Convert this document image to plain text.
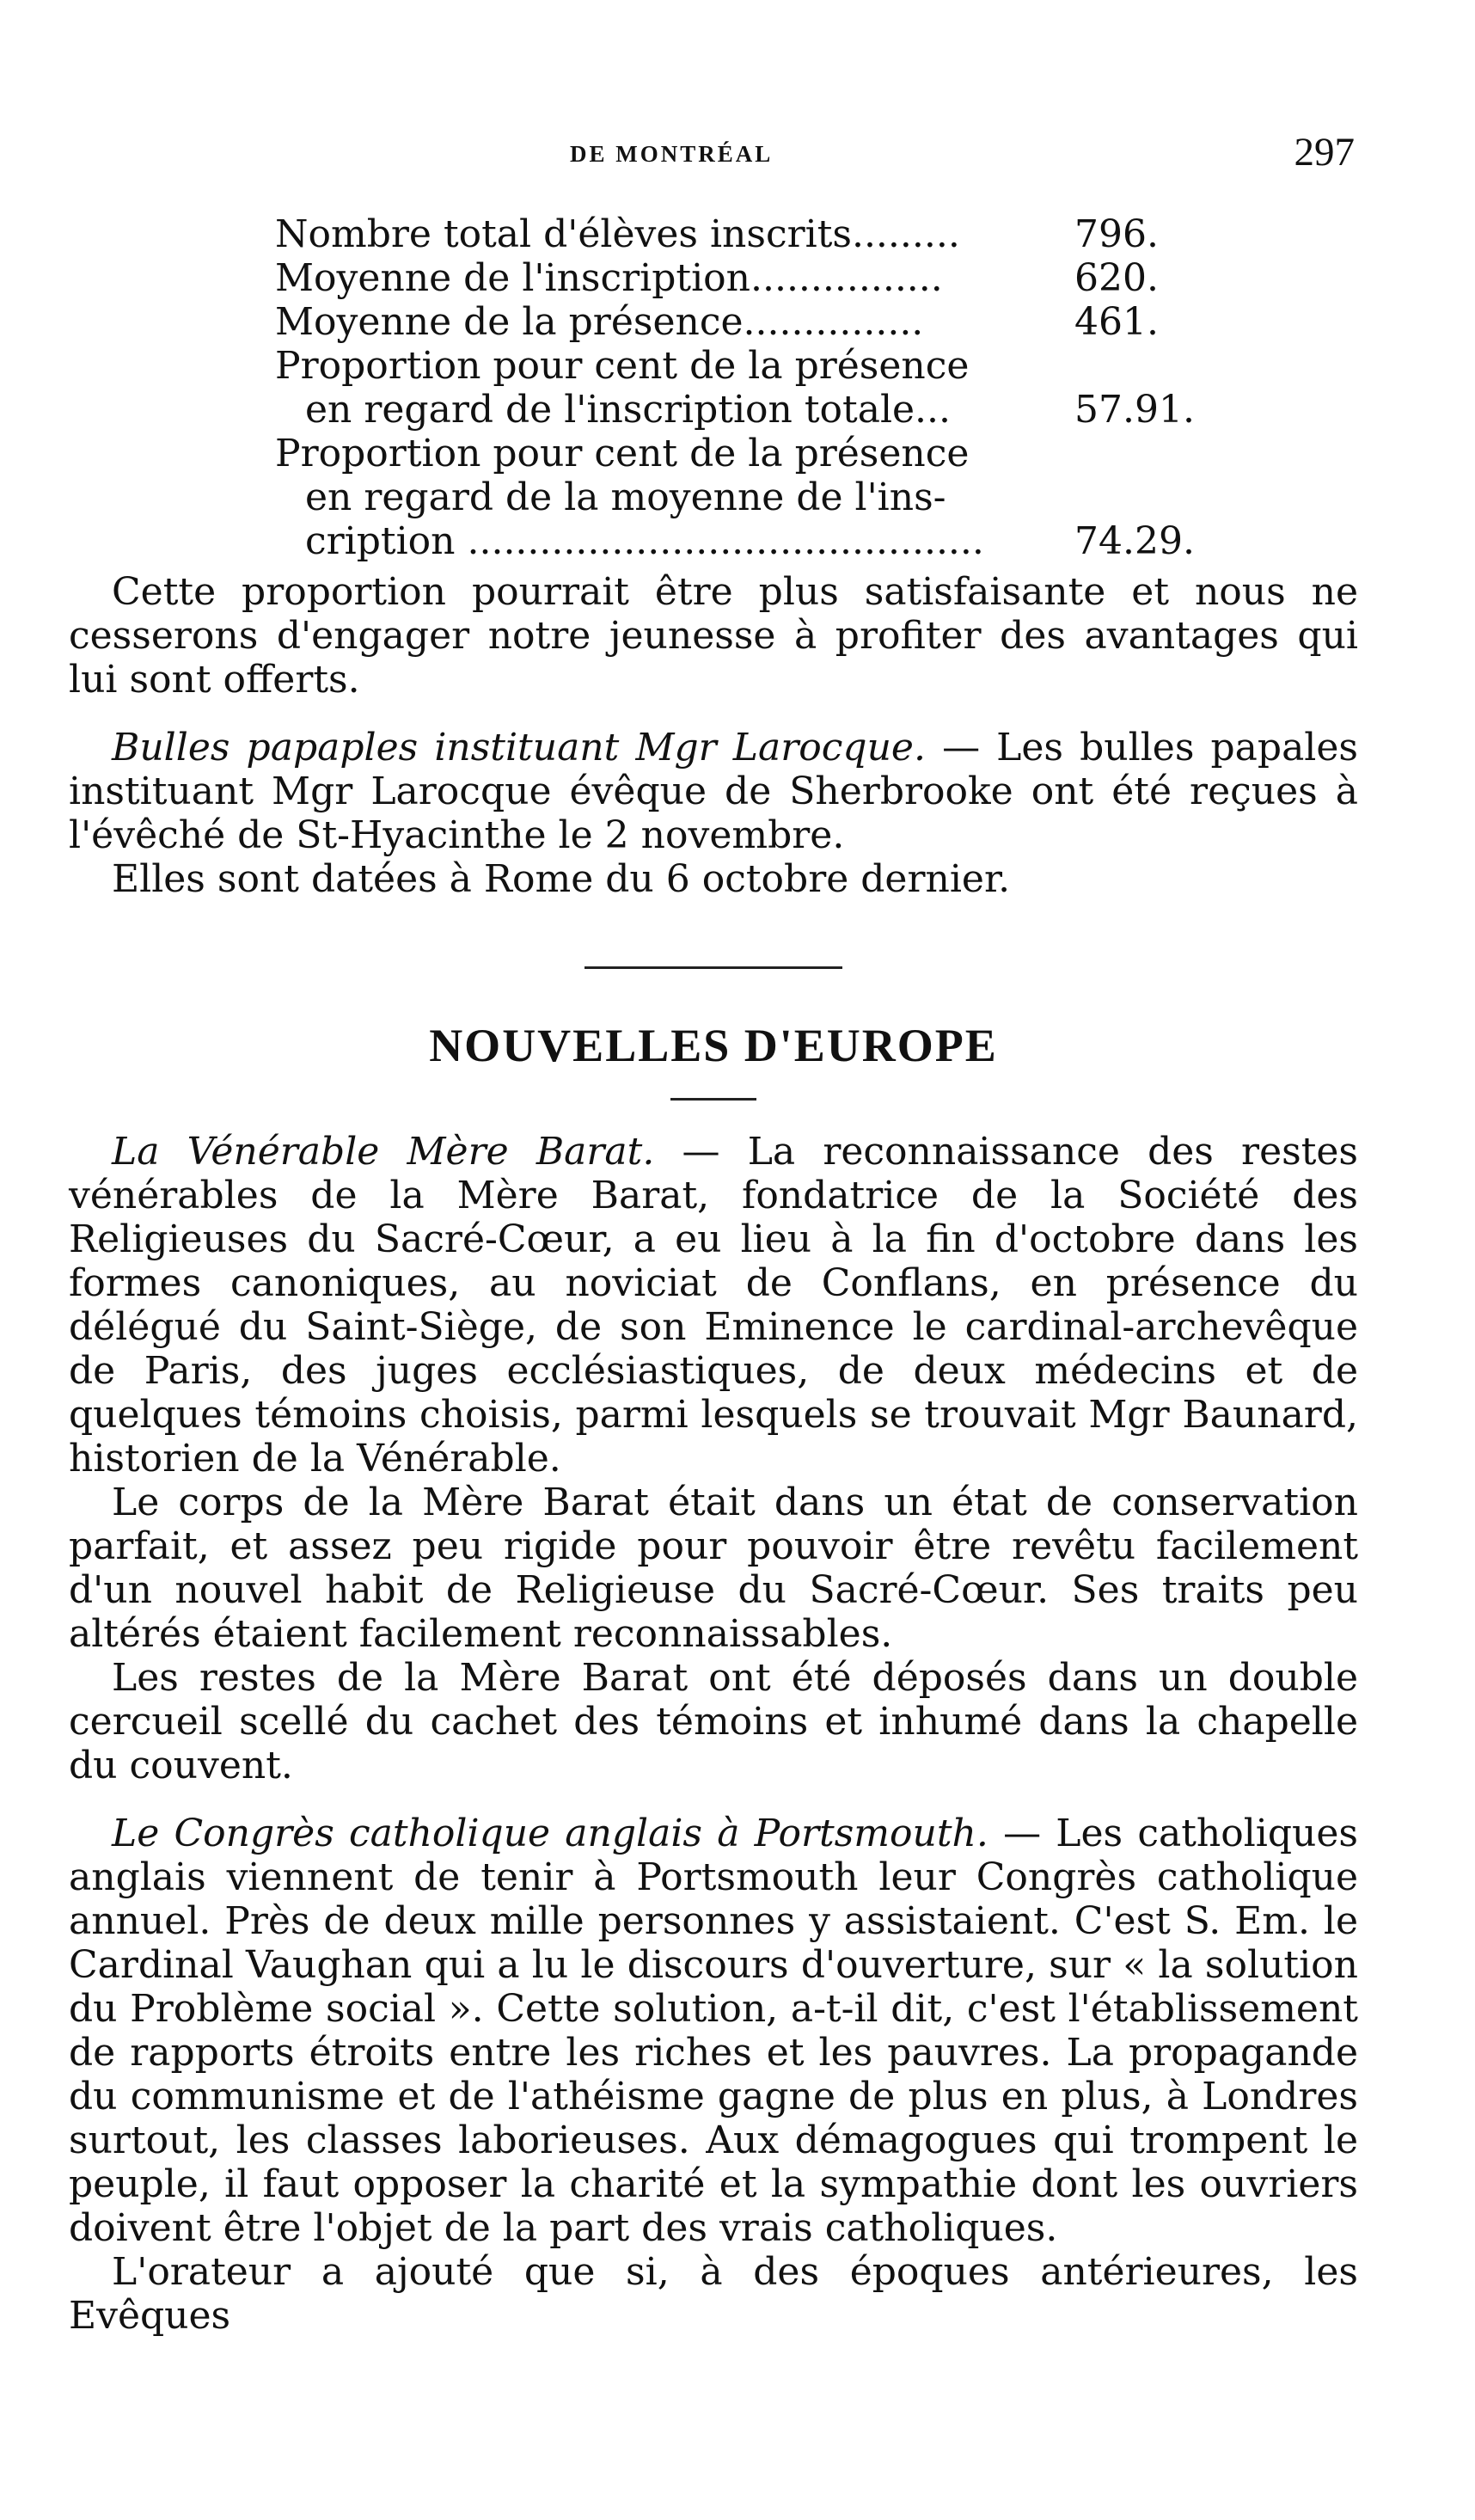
DE MONTRÉAL	297
Nombre total d'élèves inscrits.........	796.
Moyenne de l'inscription................	620.
Moyenne de la présence...............	461.
Proportion pour cent de la présence
en regard de l'inscription totale...	57.91.
Proportion pour cent de la présence
en regard de la moyenne de l'ins-
cription ........................................... 74.29.

Cette proportion pourrait être plus satisfaisante et nous ne cesserons d'engager notre jeunesse à profiter des avantages qui lui sont offerts.

Bulles papaples instituant Mgr Larocque. — Les bulles papales instituant Mgr Larocque évêque de Sherbrooke ont été reçues à l'évêché de St-Hyacinthe le 2 novembre.

Elles sont datées à Rome du 6 octobre dernier.

NOUVELLES D'EUROPE

La Vénérable Mère Barat. — La reconnaissance des restes vénérables de la Mère Barat, fondatrice de la Société des Religieuses du Sacré-Cœur, a eu lieu à la fin d'octobre dans les formes canoniques, au noviciat de Conflans, en présence du délégué du Saint-Siège, de son Eminence le cardinal-archevêque de Paris, des juges ecclésiastiques, de deux médecins et de quelques témoins choisis, parmi lesquels se trouvait Mgr Baunard, historien de la Vénérable.

Le corps de la Mère Barat était dans un état de conservation parfait, et assez peu rigide pour pouvoir être revêtu facilement d'un nouvel habit de Religieuse du Sacré-Cœur. Ses traits peu altérés étaient facilement reconnaissables.

Les restes de la Mère Barat ont été déposés dans un double cercueil scellé du cachet des témoins et inhumé dans la chapelle du couvent.

Le Congrès catholique anglais à Portsmouth. — Les catholiques anglais viennent de tenir à Portsmouth leur Congrès catholique annuel. Près de deux mille personnes y assistaient. C'est S. Em. le Cardinal Vaughan qui a lu le discours d'ouverture, sur « la solution du Problème social ». Cette solution, a-t-il dit, c'est l'établissement de rapports étroits entre les riches et les pauvres. La propagande du communisme et de l'athéisme gagne de plus en plus, à Londres surtout, les classes laborieuses. Aux démagogues qui trompent le peuple, il faut opposer la charité et la sympathie dont les ouvriers doivent être l'objet de la part des vrais catholiques.

L'orateur a ajouté que si, à des époques antérieures, les Evêques
